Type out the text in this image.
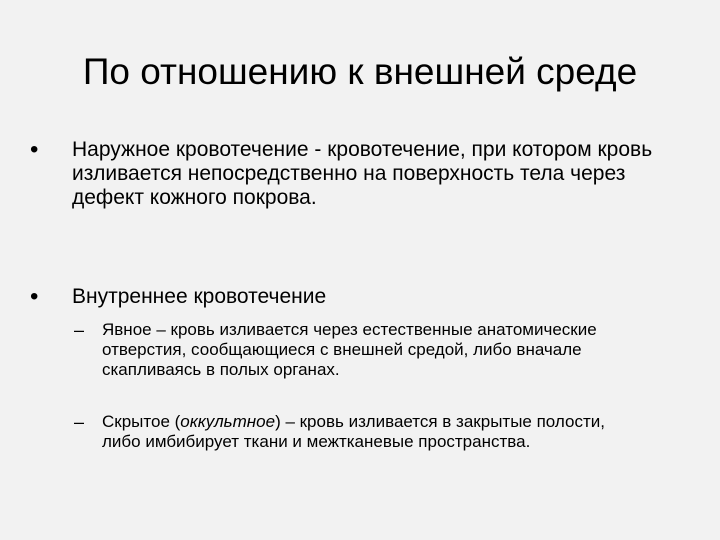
По отношению к внешней среде
• Наружное кровотечение - кровотечение, при котором кровь изливается непосредственно на поверхность тела через дефект кожного покрова.
• Внутреннее кровотечение
– Явное – кровь изливается через естественные анатомические отверстия, сообщающиеся с внешней средой, либо вначале скапливаясь в полых органах.
– Скрытое (оккультное) – кровь изливается в закрытые полости, либо имбибирует ткани и межтканевые пространства.
